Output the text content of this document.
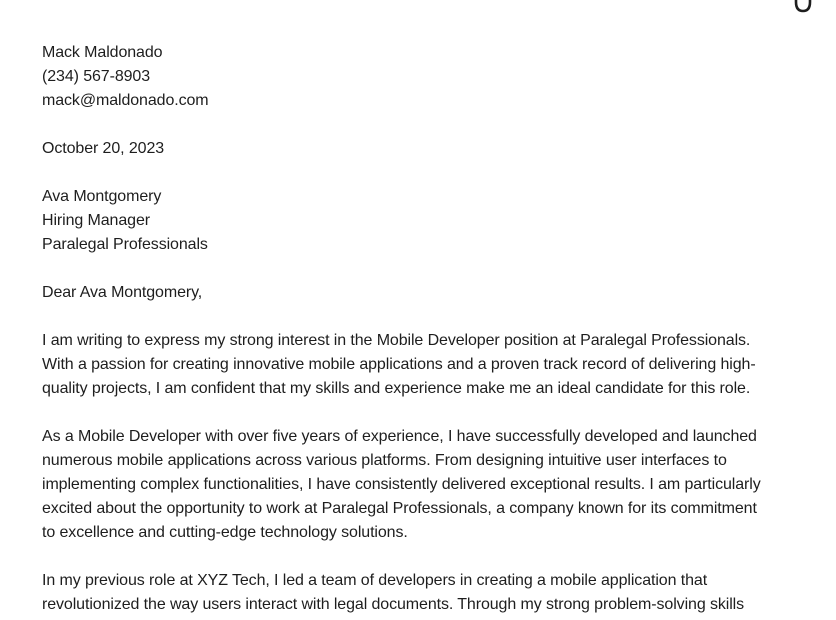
Mack Maldonado
(234) 567-8903
mack@maldonado.com
October 20, 2023
Ava Montgomery
Hiring Manager
Paralegal Professionals
Dear Ava Montgomery,

I am writing to express my strong interest in the Mobile Developer position at Paralegal Professionals.
With a passion for creating innovative mobile applications and a proven track record of delivering high-
quality projects, I am confident that my skills and experience make me an ideal candidate for this role.

As a Mobile Developer with over five years of experience, I have successfully developed and launched
numerous mobile applications across various platforms. From designing intuitive user interfaces to
implementing complex functionalities, I have consistently delivered exceptional results. I am particularly
excited about the opportunity to work at Paralegal Professionals, a company known for its commitment
to excellence and cutting-edge technology solutions.

In my previous role at XYZ Tech, I led a team of developers in creating a mobile application that
revolutionized the way users interact with legal documents. Through my strong problem-solving skills
